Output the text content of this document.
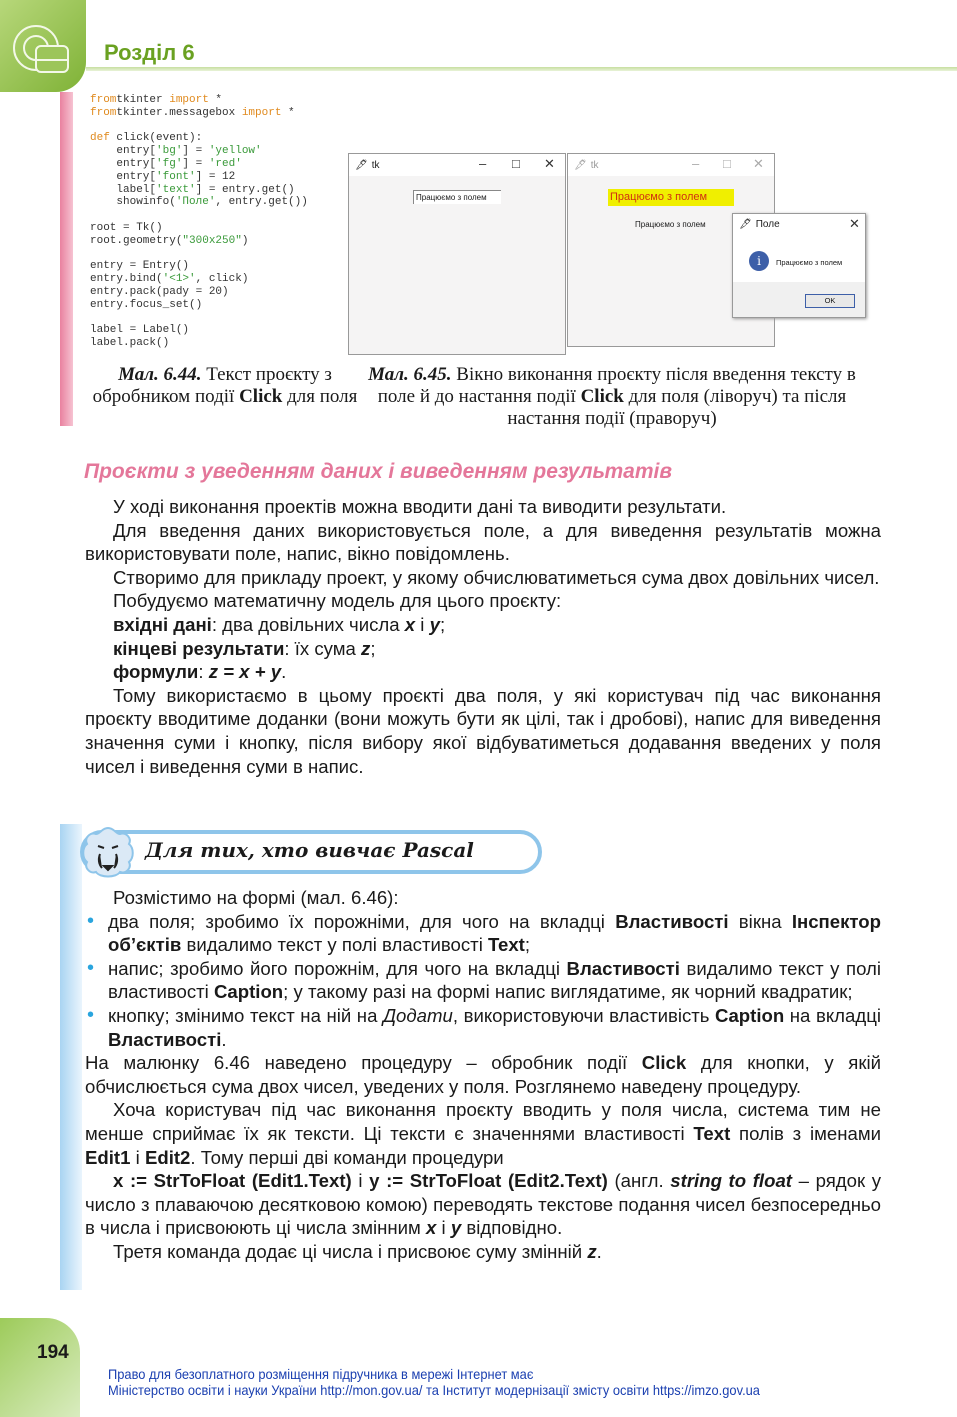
Розділ 6
fromtkinter import *
fromtkinter.messagebox import *

def click(event):
entry['bg'] = 'yellow'
entry['fg'] = 'red'
entry['font'] = 12
label['text'] = entry.get()
showinfo('Поле', entry.get())

root = Tk()
root.geometry("300x250")

entry = Entry()
entry.bind('<1>', click)
entry.pack(pady = 20)
entry.focus_set()

label = Label()
label.pack()
🖋 tk	– □ ✕
Працюємо з полем
🖋 tk	– □ ✕
Працюємо з полем
Працюємо з полем	🖋 Поле	✕
i	Працюємо з полем
OK
Мал. 6.44. Текст проєкту з обробником події Click для поля
Мал. 6.45. Вікно виконання проєкту після введення тексту в поле й до настання події Click для поля (ліворуч) та після настання події (праворуч)
Проєкти з уведенням даних і виведенням результатів

У ході виконання проектів можна вводити дані та виводити результати.

Для введення даних використовується поле, а для виведення результатів можна використовувати поле, напис, вікно повідомлень.

Створимо для прикладу проект, у якому обчислюватиметься сума двох довільних чисел.

Побудуємо математичну модель для цього проєкту:

вхідні дані: два довільних числа x і y;

кінцеві результати: їх сума z;

формули: z = x + y.

Тому використаємо в цьому проєкті два поля, у які користувач під час виконання проєкту вводитиме доданки (вони можуть бути як цілі, так і дробові), напис для виведення значення суми і кнопку, після вибору якої відбуватиметься додавання введених у поля чисел і виведення суми в напис.

Для тих, хто вивчає Pascal

Розмістимо на формі (мал. 6.46):

• два поля; зробимо їх порожніми, для чого на вкладці Властивості вікна Інспектор об’єктів видалимо текст у полі властивості Text;
• напис; зробимо його порожнім, для чого на вкладці Властивості видалимо текст у полі властивості Caption; у такому разі на формі напис виглядатиме, як чорний квадратик;
• кнопку; змінимо текст на ній на Додати, використовуючи властивість Caption на вкладці Властивості.

На малюнку 6.46 наведено процедуру – обробник події Click для кнопки, у якій обчислюється сума двох чисел, уведених у поля. Розглянемо наведену процедуру.

Хоча користувач під час виконання проєкту вводить у поля числа, система тим не менше сприймає їх як тексти. Ці тексти є значеннями властивості Text полів з іменами Edit1 і Edit2. Тому перші дві команди процедури

x := StrToFloat (Edit1.Text) і y := StrToFloat (Edit2.Text) (англ. string to float – рядок у число з плаваючою десятковою комою) переводять текстове подання чисел безпосередньо в числа і присвоюють ці числа змінним x і y відповідно.

Третя команда додає ці числа і присвоює суму змінній z.

194
Право для безоплатного розміщення підручника в мережі Інтернет має
Міністерство освіти і науки України http://mon.gov.ua/ та Інститут модернізації змісту освіти https://imzo.gov.ua
